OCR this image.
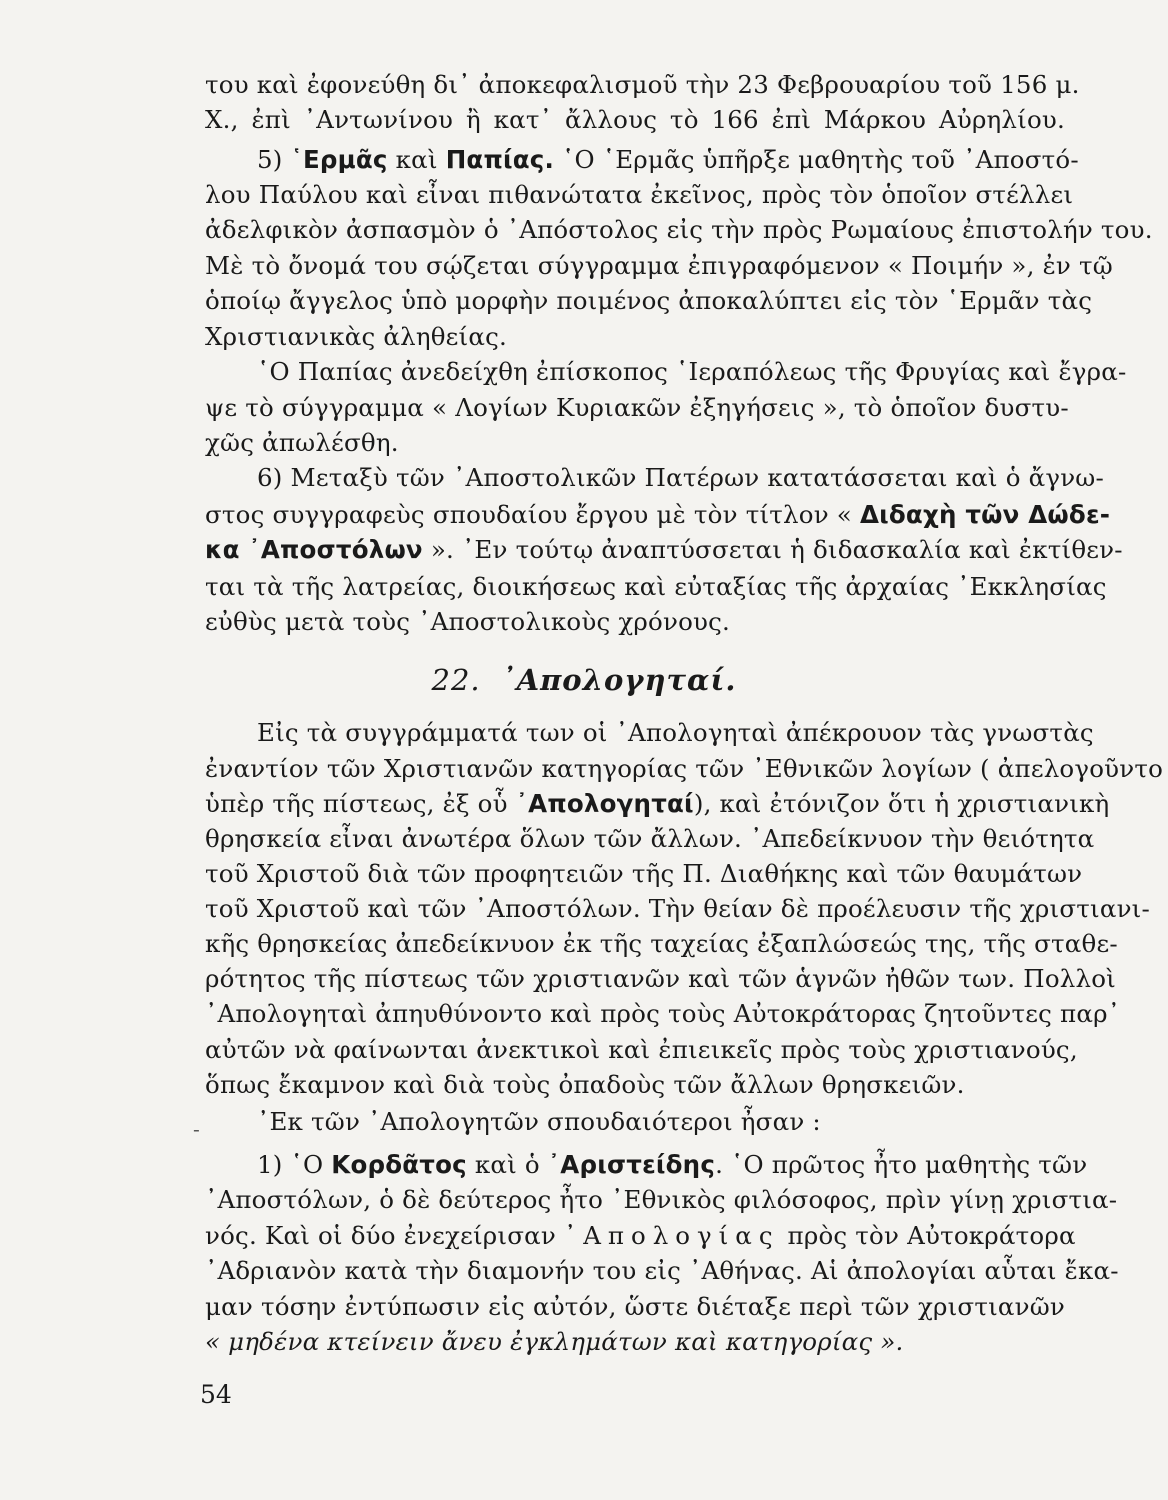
του καὶ ἐφονεύθη δι᾽ ἀποκεφαλισμοῦ τὴν 23 Φεβρουαρίου τοῦ 156 μ.
Χ., ἐπὶ ᾽Αντωνίνου ἢ κατ᾽ ἄλλους τὸ 166 ἐπὶ Μάρκου Αὐρηλίου.
5) ῾Ερμᾶς καὶ Παπίας. ῾Ο ῾Ερμᾶς ὑπῆρξε μαθητὴς τοῦ ᾽Αποστό-
λου Παύλου καὶ εἶναι πιθανώτατα ἐκεῖνος, πρὸς τὸν ὁποῖον στέλλει
ἀδελφικὸν ἀσπασμὸν ὁ ᾽Απόστολος εἰς τὴν πρὸς Ρωμαίους ἐπιστολήν του.
Μὲ τὸ ὄνομά του σῴζεται σύγγραμμα ἐπιγραφόμενον « Ποιμήν », ἐν τῷ
ὁποίῳ ἄγγελος ὑπὸ μορφὴν ποιμένος ἀποκαλύπτει εἰς τὸν ῾Ερμᾶν τὰς
Χριστιανικὰς ἀληθείας.
῾Ο Παπίας ἀνεδείχθη ἐπίσκοπος ῾Ιεραπόλεως τῆς Φρυγίας καὶ ἔγρα-
ψε τὸ σύγγραμμα « Λογίων Κυριακῶν ἐξηγήσεις », τὸ ὁποῖον δυστυ-
χῶς ἀπωλέσθη.
6) Μεταξὺ τῶν ᾽Αποστολικῶν Πατέρων κατατάσσεται καὶ ὁ ἄγνω-
στος συγγραφεὺς σπουδαίου ἔργου μὲ τὸν τίτλον « Διδαχὴ τῶν Δώδε-
κα ᾽Αποστόλων ». ᾽Εν τούτῳ ἀναπτύσσεται ἡ διδασκαλία καὶ ἐκτίθεν-
ται τὰ τῆς λατρείας, διοικήσεως καὶ εὐταξίας τῆς ἀρχαίας ᾽Εκκλησίας
εὐθὺς μετὰ τοὺς ᾽Αποστολικοὺς χρόνους.
22. ᾽Απολογηταί.
Εἰς τὰ συγγράμματά των οἱ ᾽Απολογηταὶ ἀπέκρουον τὰς γνωστὰς
ἐναντίον τῶν Χριστιανῶν κατηγορίας τῶν ᾽Εθνικῶν λογίων ( ἀπελογοῦντο
ὑπὲρ τῆς πίστεως, ἐξ οὗ ᾽Απολογηταί), καὶ ἐτόνιζον ὅτι ἡ χριστιανικὴ
θρησκεία εἶναι ἀνωτέρα ὅλων τῶν ἄλλων. ᾽Απεδείκνυον τὴν θειότητα
τοῦ Χριστοῦ διὰ τῶν προφητειῶν τῆς Π. Διαθήκης καὶ τῶν θαυμάτων
τοῦ Χριστοῦ καὶ τῶν ᾽Αποστόλων. Τὴν θείαν δὲ προέλευσιν τῆς χριστιανι-
κῆς θρησκείας ἀπεδείκνυον ἐκ τῆς ταχείας ἐξαπλώσεώς της, τῆς σταθε-
ρότητος τῆς πίστεως τῶν χριστιανῶν καὶ τῶν ἁγνῶν ἠθῶν των. Πολλοὶ
᾽Απολογηταὶ ἀπηυθύνοντο καὶ πρὸς τοὺς Αὐτοκράτορας ζητοῦντες παρ᾽
αὐτῶν νὰ φαίνωνται ἀνεκτικοὶ καὶ ἐπιεικεῖς πρὸς τοὺς χριστιανούς,
ὅπως ἔκαμνον καὶ διὰ τοὺς ὀπαδοὺς τῶν ἄλλων θρησκειῶν.
- ᾽Εκ τῶν ᾽Απολογητῶν σπουδαιότεροι ἦσαν :
1) ῾Ο Κορδᾶτος καὶ ὁ ᾽Αριστείδης. ῾Ο πρῶτος ἦτο μαθητὴς τῶν
᾽Αποστόλων, ὁ δὲ δεύτερος ἦτο ᾽Εθνικὸς φιλόσοφος, πρὶν γίνῃ χριστια-
νός. Καὶ οἱ δύο ἐνεχείρισαν ᾽Απολογίας πρὸς τὸν Αὐτοκράτορα
᾽Αδριανὸν κατὰ τὴν διαμονήν του εἰς ᾽Αθήνας. Αἱ ἀπολογίαι αὗται ἔκα-
μαν τόσην ἐντύπωσιν εἰς αὐτόν, ὥστε διέταξε περὶ τῶν χριστιανῶν
« μηδένα κτείνειν ἄνευ ἐγκλημάτων καὶ κατηγορίας ».
54
